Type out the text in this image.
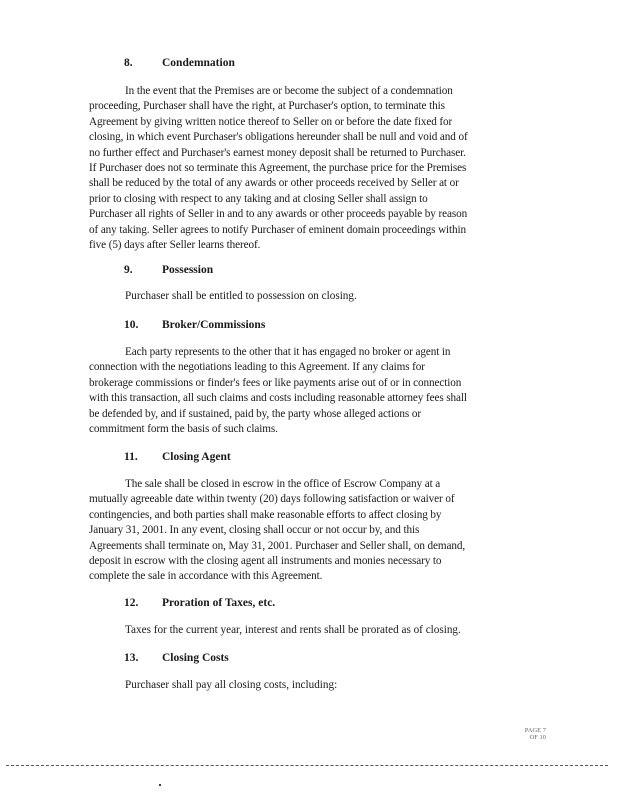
8.	Condemnation
In the event that the Premises are or become the subject of a condemnation
proceeding, Purchaser shall have the right, at Purchaser's option, to terminate this
Agreement by giving written notice thereof to Seller on or before the date fixed for
closing, in which event Purchaser's obligations hereunder shall be null and void and of
no further effect and Purchaser's earnest money deposit shall be returned to Purchaser.
If Purchaser does not so terminate this Agreement, the purchase price for the Premises
shall be reduced by the total of any awards or other proceeds received by Seller at or
prior to closing with respect to any taking and at closing Seller shall assign to
Purchaser all rights of Seller in and to any awards or other proceeds payable by reason
of any taking. Seller agrees to notify Purchaser of eminent domain proceedings within
five (5) days after Seller learns thereof.
9.	Possession
Purchaser shall be entitled to possession on closing.
10. Broker/Commissions
Each party represents to the other that it has engaged no broker or agent in
connection with the negotiations leading to this Agreement. If any claims for
brokerage commissions or finder's fees or like payments arise out of or in connection
with this transaction, all such claims and costs including reasonable attorney fees shall
be defended by, and if sustained, paid by, the party whose alleged actions or
commitment form the basis of such claims.
11. Closing Agent
The sale shall be closed in escrow in the office of Escrow Company at a
mutually agreeable date within twenty (20) days following satisfaction or waiver of
contingencies, and both parties shall make reasonable efforts to affect closing by
January 31, 2001. In any event, closing shall occur or not occur by, and this
Agreements shall terminate on, May 31, 2001. Purchaser and Seller shall, on demand,
deposit in escrow with the closing agent all instruments and monies necessary to
complete the sale in accordance with this Agreement.
12. Proration of Taxes, etc.
Taxes for the current year, interest and rents shall be prorated as of closing.
13. Closing Costs
Purchaser shall pay all closing costs, including:
PAGE 7
OF 10
